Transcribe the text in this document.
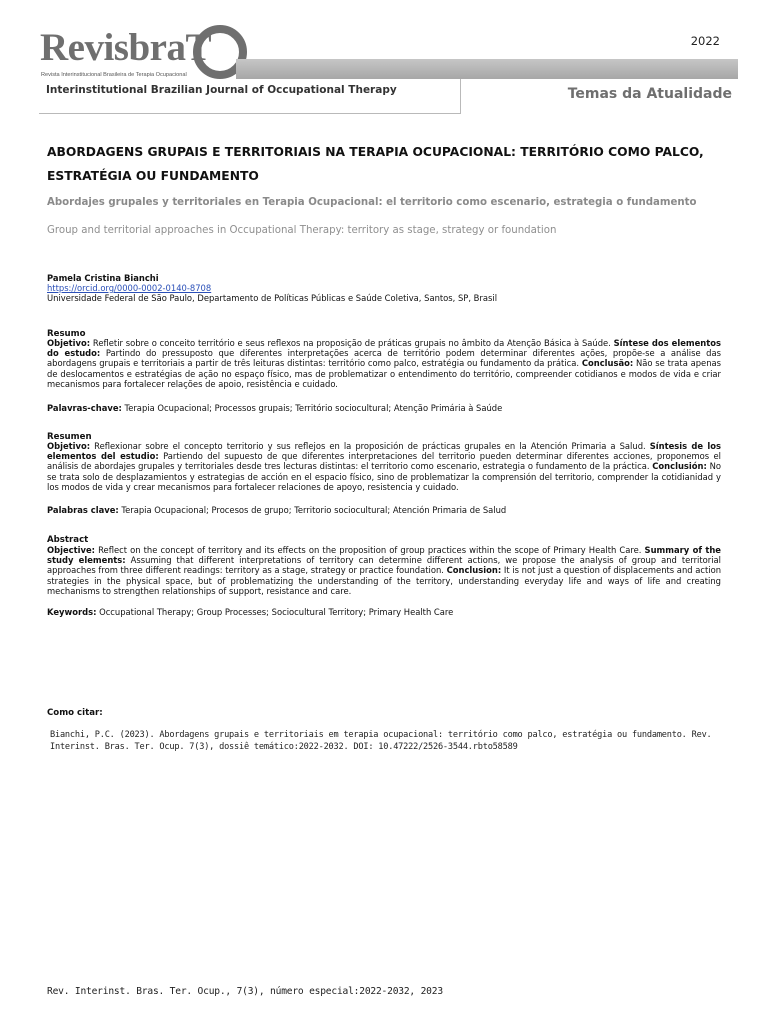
RevisbraT
Revista Interinstitucional Brasileira de Terapia Ocupacional
2022
Interinstitutional Brazilian Journal of Occupational Therapy	Temas da Atualidade
ABORDAGENS GRUPAIS E TERRITORIAIS NA TERAPIA OCUPACIONAL: TERRITÓRIO COMO PALCO, ESTRATÉGIA OU FUNDAMENTO
Abordajes grupales y territoriales en Terapia Ocupacional: el territorio como escenario, estrategia o fundamento
Group and territorial approaches in Occupational Therapy: territory as stage, strategy or foundation
Pamela Cristina Bianchi
https://orcid.org/0000-0002-0140-8708
Universidade Federal de São Paulo, Departamento de Políticas Públicas e Saúde Coletiva, Santos, SP, Brasil
Resumo
Objetivo: Refletir sobre o conceito território e seus reflexos na proposição de práticas grupais no âmbito da Atenção Básica à Saúde. Síntese dos elementos do estudo: Partindo do pressuposto que diferentes interpretações acerca de território podem determinar diferentes ações, propõe-se a análise das abordagens grupais e territoriais a partir de três leituras distintas: território como palco, estratégia ou fundamento da prática. Conclusão: Não se trata apenas de deslocamentos e estratégias de ação no espaço físico, mas de problematizar o entendimento do território, compreender cotidianos e modos de vida e criar mecanismos para fortalecer relações de apoio, resistência e cuidado.
Palavras-chave: Terapia Ocupacional; Processos grupais; Território sociocultural; Atenção Primária à Saúde
Resumen
Objetivo: Reflexionar sobre el concepto territorio y sus reflejos en la proposición de prácticas grupales en la Atención Primaria a Salud. Síntesis de los elementos del estudio: Partiendo del supuesto de que diferentes interpretaciones del territorio pueden determinar diferentes acciones, proponemos el análisis de abordajes grupales y territoriales desde tres lecturas distintas: el territorio como escenario, estrategia o fundamento de la práctica. Conclusión: No se trata solo de desplazamientos y estrategias de acción en el espacio físico, sino de problematizar la comprensión del territorio, comprender la cotidianidad y los modos de vida y crear mecanismos para fortalecer relaciones de apoyo, resistencia y cuidado.
Palabras clave: Terapia Ocupacional; Procesos de grupo; Territorio sociocultural; Atención Primaria de Salud
Abstract
Objective: Reflect on the concept of territory and its effects on the proposition of group practices within the scope of Primary Health Care. Summary of the study elements: Assuming that different interpretations of territory can determine different actions, we propose the analysis of group and territorial approaches from three different readings: territory as a stage, strategy or practice foundation. Conclusion: It is not just a question of displacements and action strategies in the physical space, but of problematizing the understanding of the territory, understanding everyday life and ways of life and creating mechanisms to strengthen relationships of support, resistance and care.
Keywords: Occupational Therapy; Group Processes; Sociocultural Territory; Primary Health Care
Como citar:
Bianchi, P.C. (2023). Abordagens grupais e territoriais em terapia ocupacional: território como palco, estratégia ou fundamento. Rev. Interinst. Bras. Ter. Ocup. 7(3), dossiê temático:2022-2032. DOI: 10.47222/2526-3544.rbto58589
Rev. Interinst. Bras. Ter. Ocup., 7(3), número especial:2022-2032, 2023
